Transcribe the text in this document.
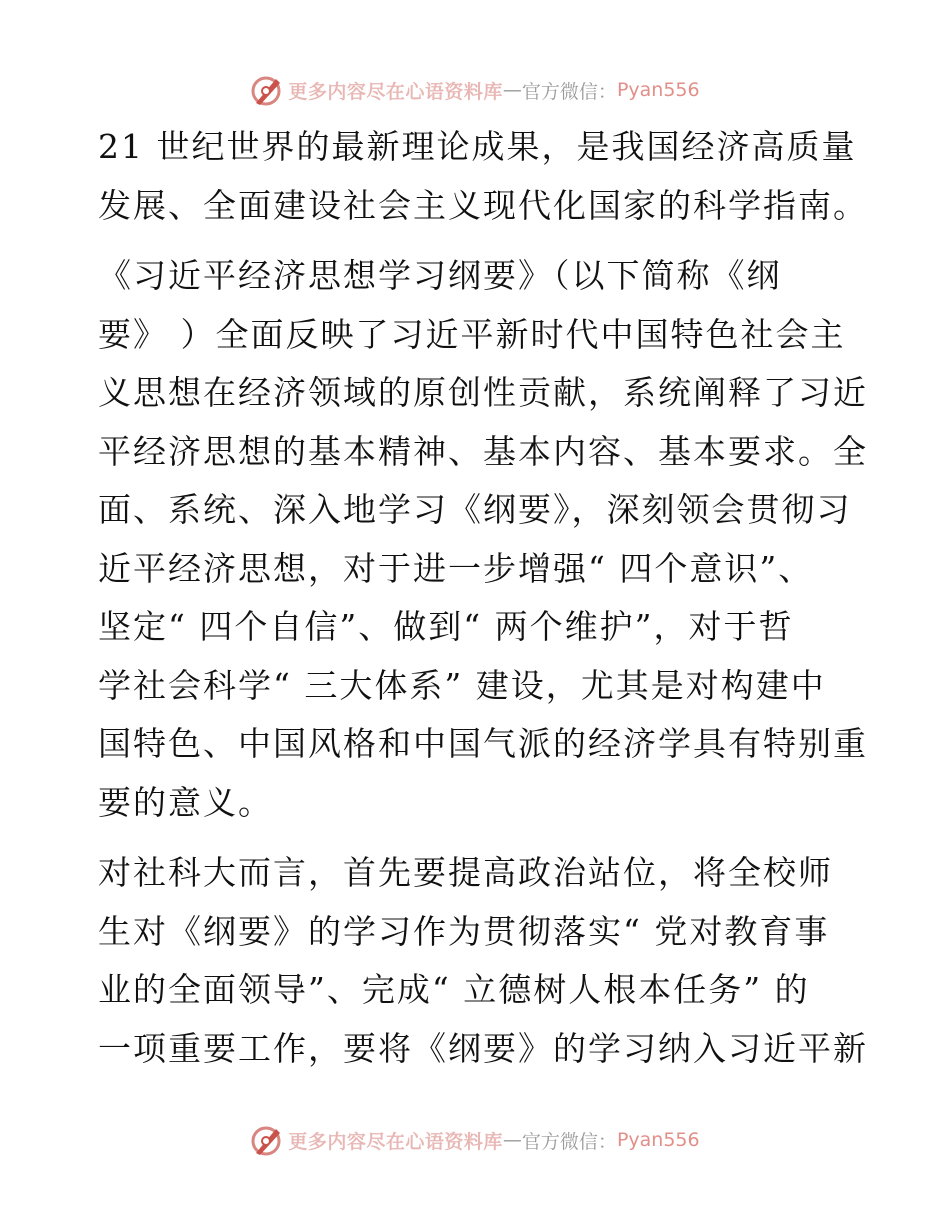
更多内容尽在心语资料库 — 官方微信： Pyan556
21 世纪世界的最新理论成果，是我国经济高质量
发展、全面建设社会主义现代化国家的科学指南。
《习近平经济思想学习纲要》（以下简称《纲
要》 ）全面反映了习近平新时代中国特色社会主
义思想在经济领域的原创性贡献，系统阐释了习近
平经济思想的基本精神、基本内容、基本要求。全
面、系统、深入地学习《纲要》，深刻领会贯彻习
近平经济思想，对于进一步增强“ 四个意识”、
坚定“ 四个自信”、做到“ 两个维护”，对于哲
学社会科学“ 三大体系” 建设，尤其是对构建中
国特色、中国风格和中国气派的经济学具有特别重
要的意义。
对社科大而言，首先要提高政治站位，将全校师
生对《纲要》的学习作为贯彻落实“ 党对教育事
业的全面领导”、完成“ 立德树人根本任务” 的
一项重要工作，要将《纲要》的学习纳入习近平新
更多内容尽在心语资料库 — 官方微信： Pyan556
